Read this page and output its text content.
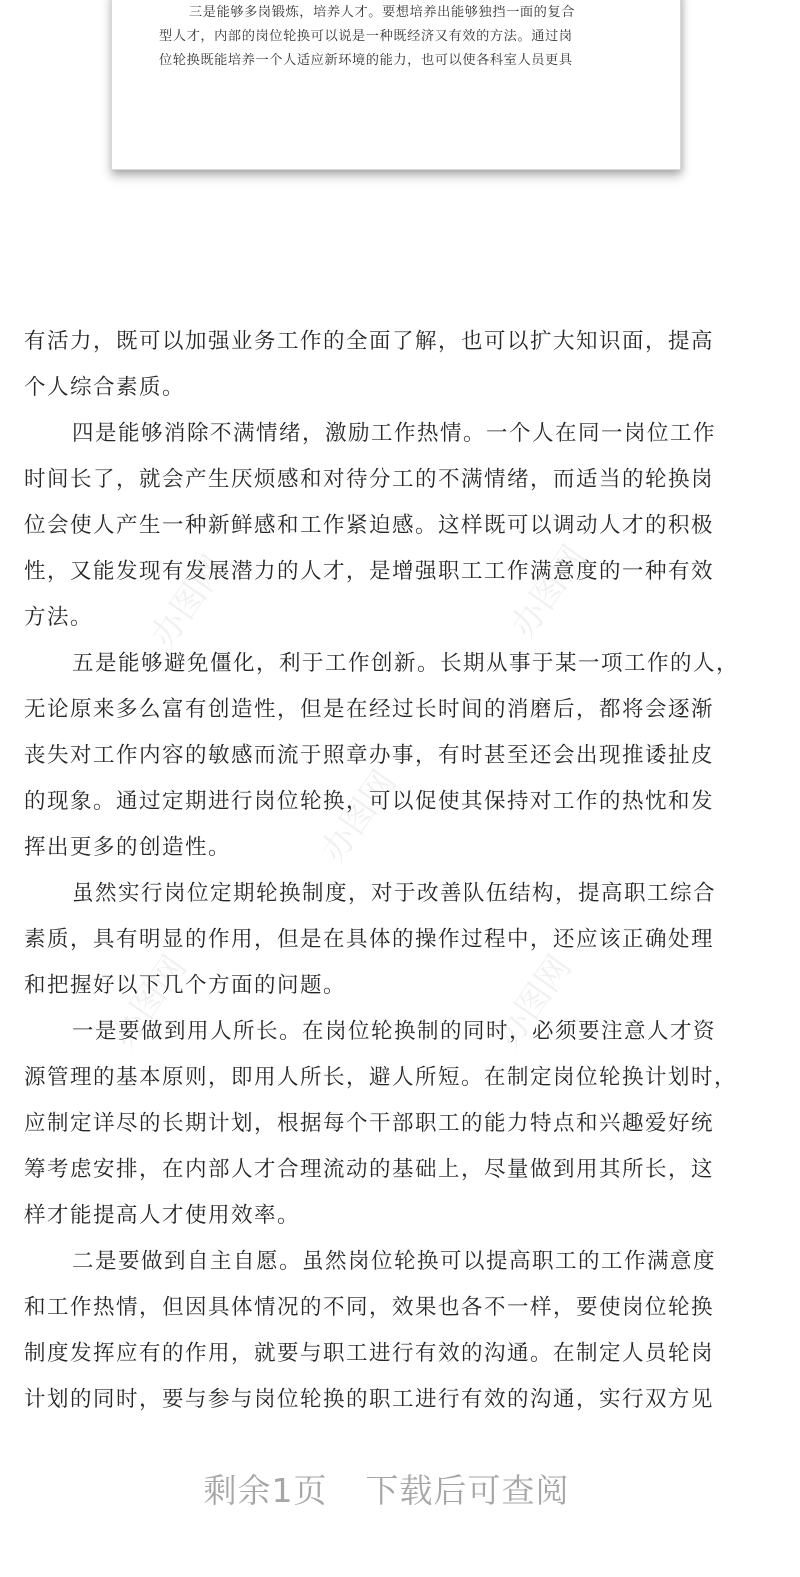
三是能够多岗锻炼，培养人才。要想培养出能够独挡一面的复合
型人才，内部的岗位轮换可以说是一种既经济又有效的方法。通过岗
位轮换既能培养一个人适应新环境的能力，也可以使各科室人员更具
办图网	办图网
办图网
办图网	办图网
有活力，既可以加强业务工作的全面了解，也可以扩大知识面，提高
个人综合素质。
四是能够消除不满情绪，激励工作热情。一个人在同一岗位工作
时间长了，就会产生厌烦感和对待分工的不满情绪，而适当的轮换岗
位会使人产生一种新鲜感和工作紧迫感。这样既可以调动人才的积极
性，又能发现有发展潜力的人才，是增强职工工作满意度的一种有效
方法。
五是能够避免僵化，利于工作创新。长期从事于某一项工作的人，
无论原来多么富有创造性，但是在经过长时间的消磨后，都将会逐渐
丧失对工作内容的敏感而流于照章办事，有时甚至还会出现推诿扯皮
的现象。通过定期进行岗位轮换，可以促使其保持对工作的热忱和发
挥出更多的创造性。
虽然实行岗位定期轮换制度，对于改善队伍结构，提高职工综合
素质，具有明显的作用，但是在具体的操作过程中，还应该正确处理
和把握好以下几个方面的问题。
一是要做到用人所长。在岗位轮换制的同时，必须要注意人才资
源管理的基本原则，即用人所长，避人所短。在制定岗位轮换计划时，
应制定详尽的长期计划，根据每个干部职工的能力特点和兴趣爱好统
筹考虑安排，在内部人才合理流动的基础上，尽量做到用其所长，这
样才能提高人才使用效率。
二是要做到自主自愿。虽然岗位轮换可以提高职工的工作满意度
和工作热情，但因具体情况的不同，效果也各不一样，要使岗位轮换
制度发挥应有的作用，就要与职工进行有效的沟通。在制定人员轮岗
计划的同时，要与参与岗位轮换的职工进行有效的沟通，实行双方见
剩余1页 下载后可查阅
